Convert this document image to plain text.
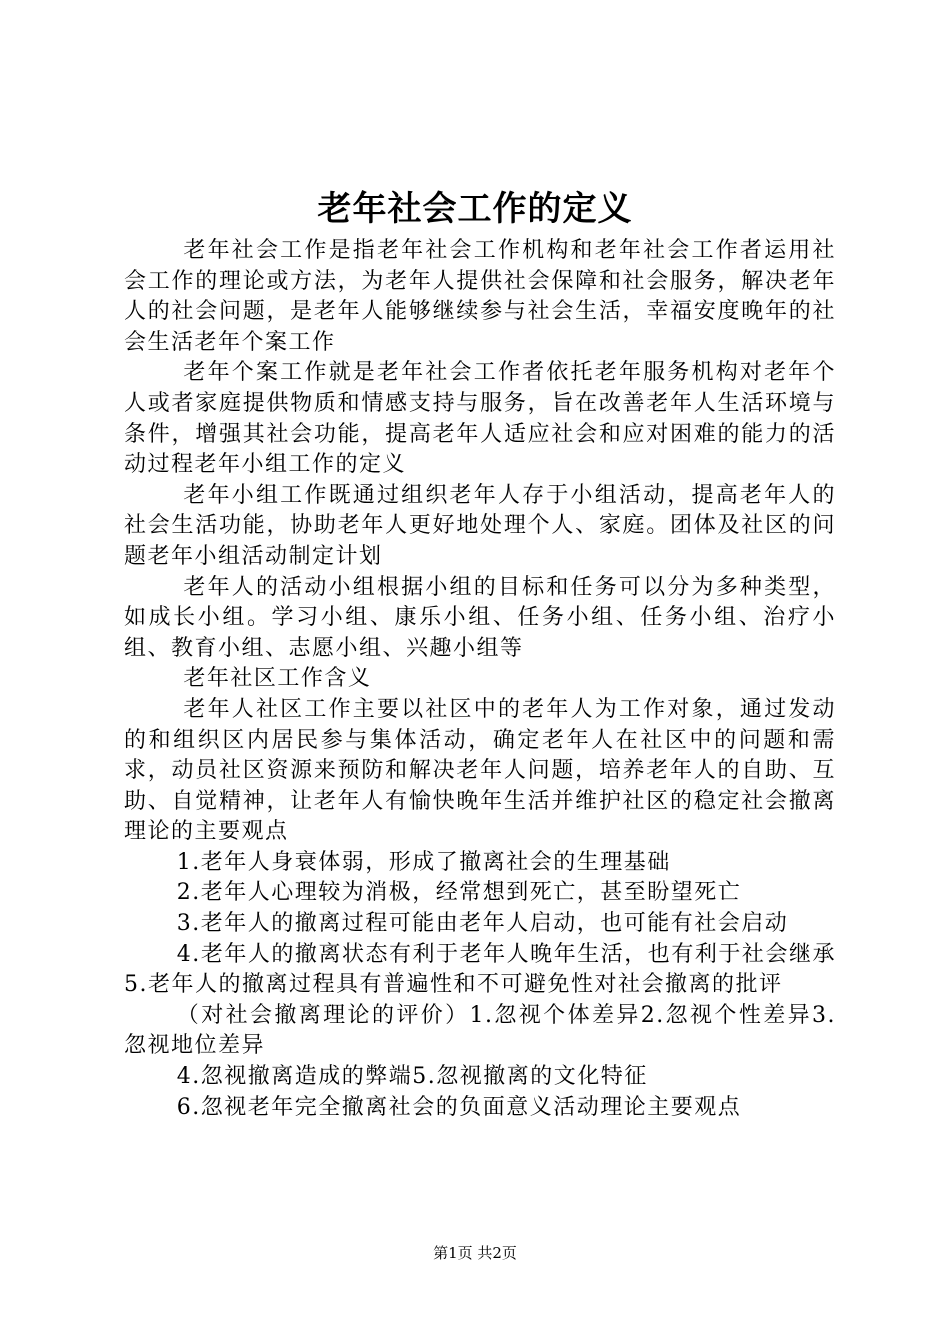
老年社会工作的定义

老年社会工作是指老年社会工作机构和老年社会工作者运用社会工作的理论或方法，为老年人提供社会保障和社会服务，解决老年人的社会问题，是老年人能够继续参与社会生活，幸福安度晚年的社会生活老年个案工作

老年个案工作就是老年社会工作者依托老年服务机构对老年个人或者家庭提供物质和情感支持与服务，旨在改善老年人生活环境与条件，增强其社会功能，提高老年人适应社会和应对困难的能力的活动过程老年小组工作的定义

老年小组工作既通过组织老年人存于小组活动，提高老年人的社会生活功能，协助老年人更好地处理个人、家庭。团体及社区的问题老年小组活动制定计划

老年人的活动小组根据小组的目标和任务可以分为多种类型，如成长小组。学习小组、康乐小组、任务小组、任务小组、治疗小组、教育小组、志愿小组、兴趣小组等

老年社区工作含义

老年人社区工作主要以社区中的老年人为工作对象，通过发动的和组织区内居民参与集体活动，确定老年人在社区中的问题和需求，动员社区资源来预防和解决老年人问题，培养老年人的自助、互助、自觉精神，让老年人有愉快晚年生活并维护社区的稳定社会撤离理论的主要观点

1.老年人身衰体弱，形成了撤离社会的生理基础

2.老年人心理较为消极，经常想到死亡，甚至盼望死亡

3.老年人的撤离过程可能由老年人启动，也可能有社会启动

4.老年人的撤离状态有利于老年人晚年生活，也有利于社会继承5.老年人的撤离过程具有普遍性和不可避免性对社会撤离的批评

（对社会撤离理论的评价）1.忽视个体差异2.忽视个性差异3.忽视地位差异

4.忽视撤离造成的弊端5.忽视撤离的文化特征

6.忽视老年完全撤离社会的负面意义活动理论主要观点

第1页 共2页
